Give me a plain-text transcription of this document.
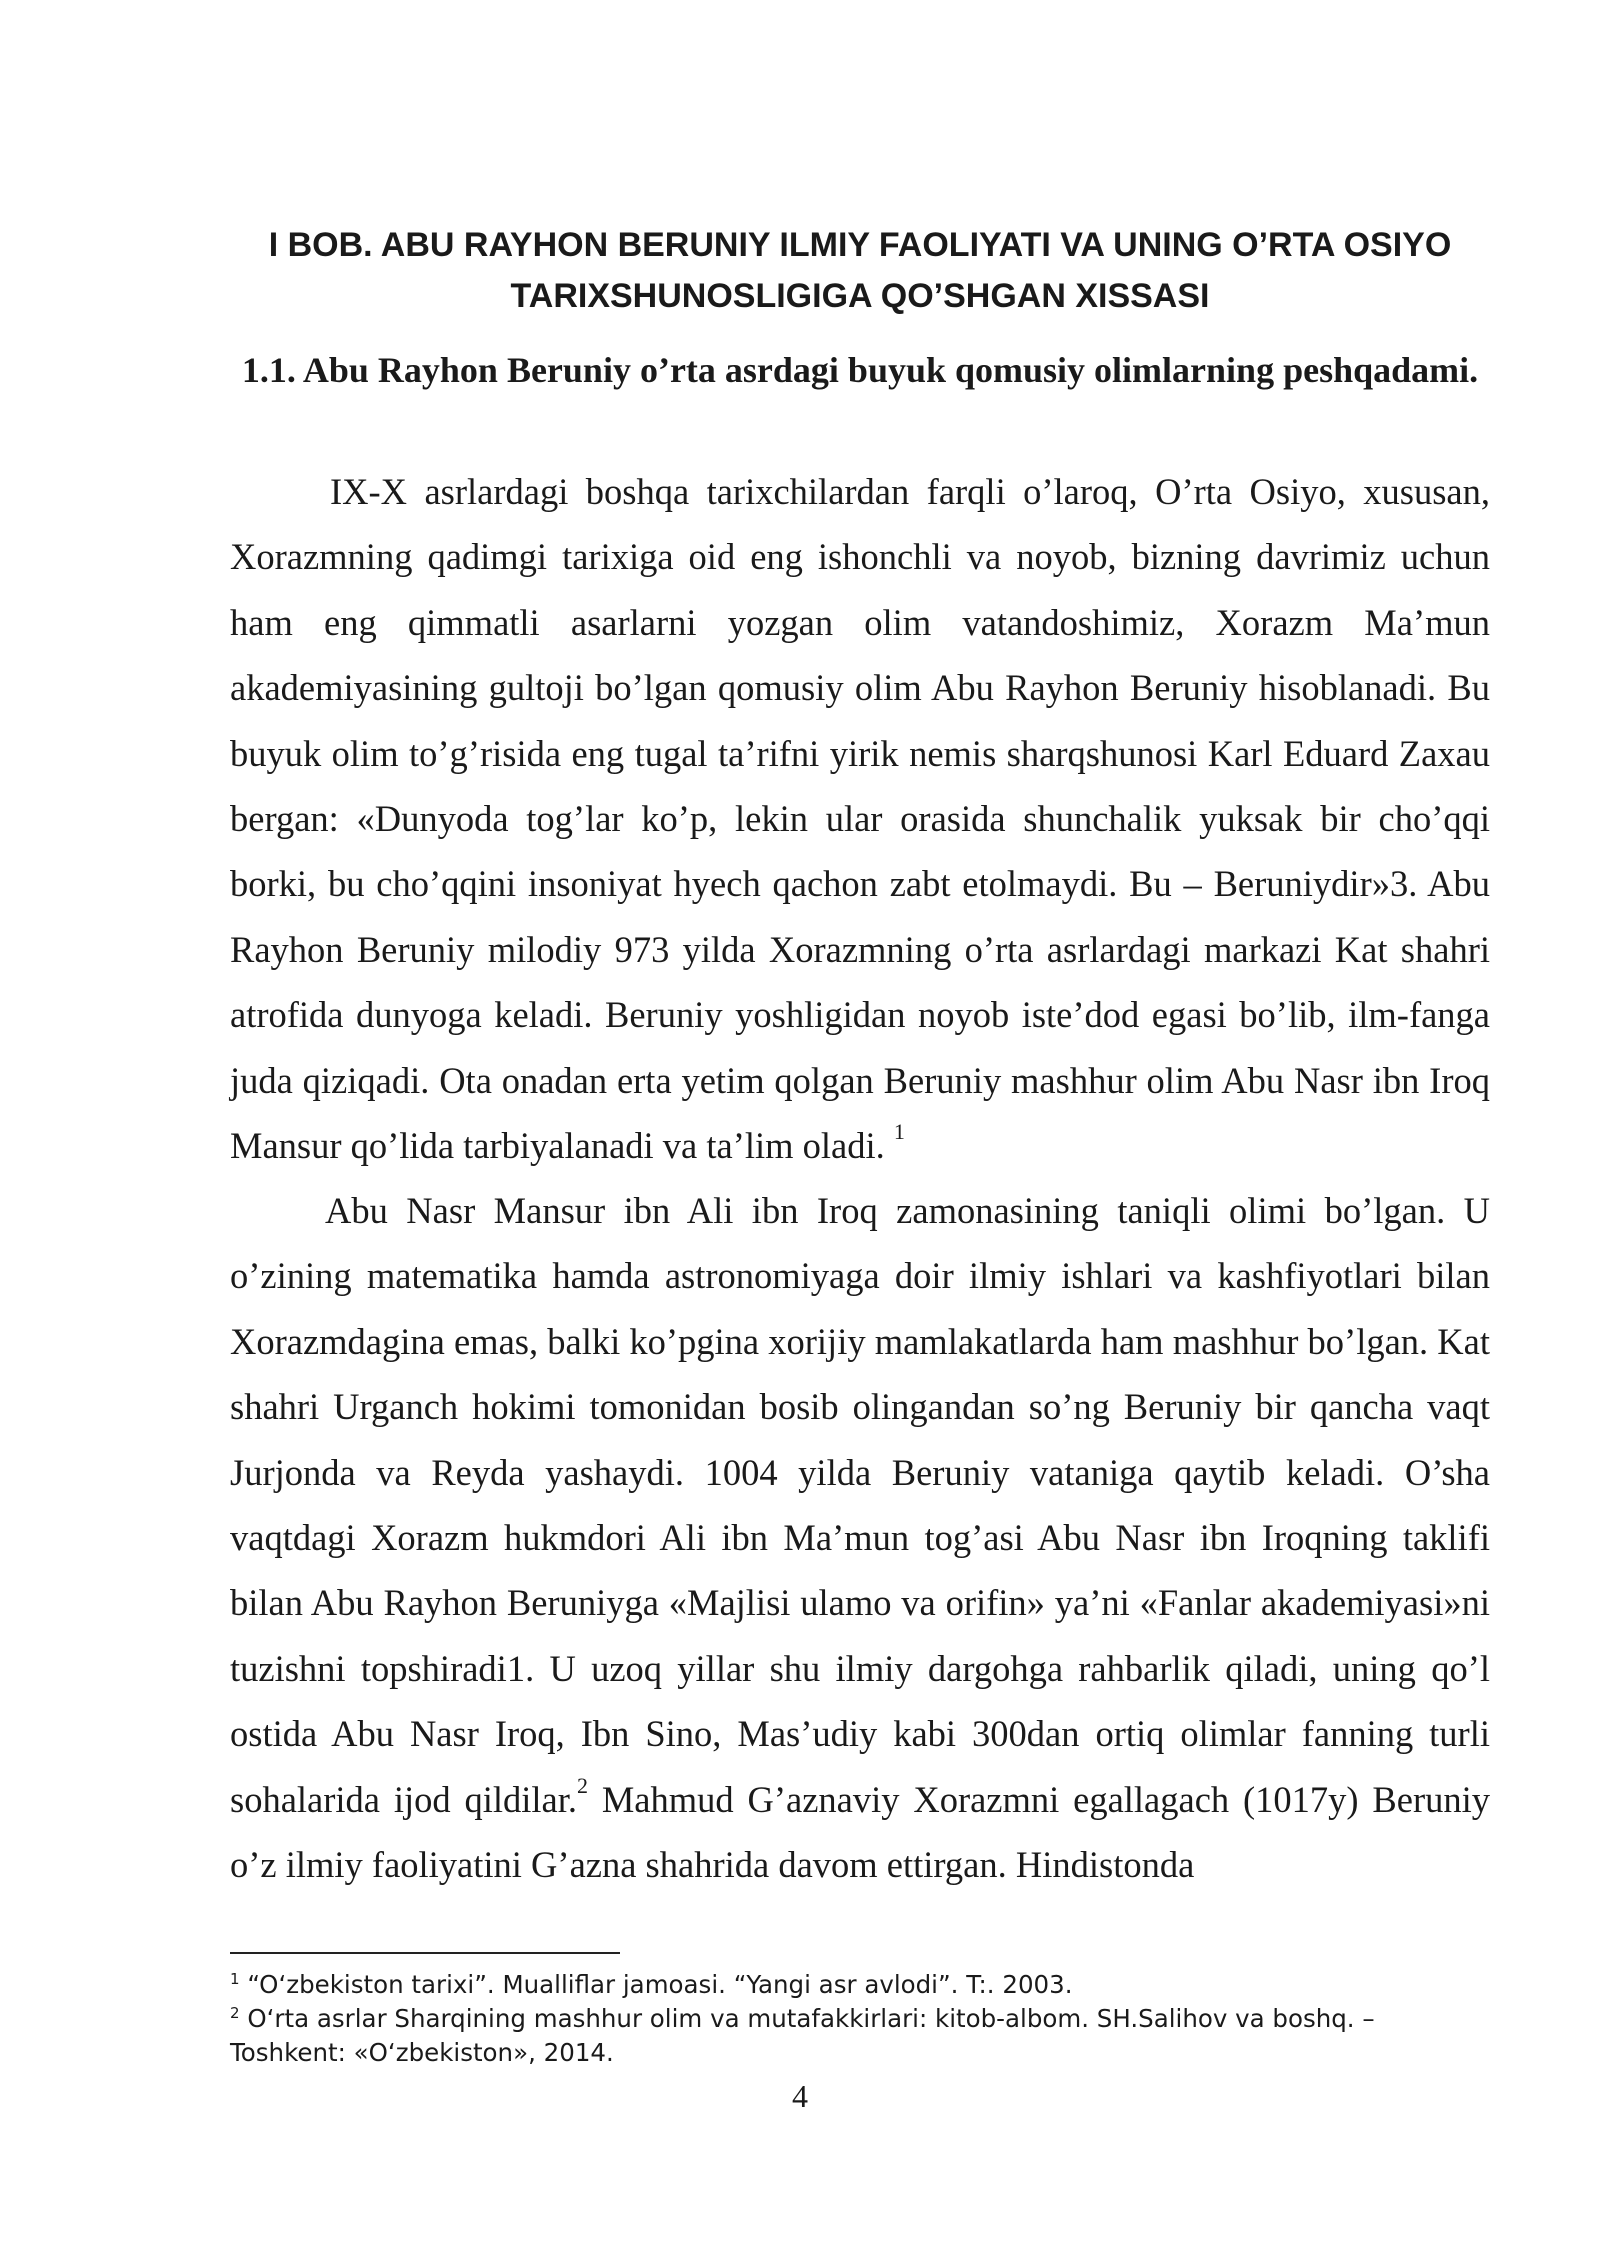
I BOB. ABU RAYHON BERUNIY ILMIY FAOLIYATI VA UNING O’RTA OSIYO TARIXSHUNOSLIGIGA QO’SHGAN XISSASI
1.1. Abu Rayhon Beruniy o’rta asrdagi buyuk qomusiy olimlarning peshqadami.

IX-X asrlardagi boshqa tarixchilardan farqli o’laroq, O’rta Osiyo, xususan, Xorazmning qadimgi tarixiga oid eng ishonchli va noyob, bizning davrimiz uchun ham eng qimmatli asarlarni yozgan olim vatandoshimiz, Xorazm Ma’mun akademiyasining gultoji bo’lgan qomusiy olim Abu Rayhon Beruniy hisoblanadi. Bu buyuk olim to’g’risida eng tugal ta’rifni yirik nemis sharqshunosi Karl Eduard Zaxau bergan: «Dunyoda tog’lar ko’p, lekin ular orasida shunchalik yuksak bir cho’qqi borki, bu cho’qqini insoniyat hyech qachon zabt etolmaydi. Bu – Beruniydir»3. Abu Rayhon Beruniy milodiy 973 yilda Xorazmning o’rta asrlardagi markazi Kat shahri atrofida dunyoga keladi. Beruniy yoshligidan noyob iste’dod egasi bo’lib, ilm-fanga juda qiziqadi. Ota onadan erta yetim qolgan Beruniy mashhur olim Abu Nasr ibn Iroq Mansur qo’lida tarbiyalanadi va ta’lim oladi. $^1$

Abu Nasr Mansur ibn Ali ibn Iroq zamonasining taniqli olimi bo’lgan. U o’zining matematika hamda astronomiyaga doir ilmiy ishlari va kashfiyotlari bilan Xorazmdagina emas, balki ko’pgina xorijiy mamlakatlarda ham mashhur bo’lgan. Kat shahri Urganch hokimi tomonidan bosib olingandan so’ng Beruniy bir qancha vaqt Jurjonda va Reyda yashaydi. 1004 yilda Beruniy vataniga qaytib keladi. O’sha vaqtdagi Xorazm hukmdori Ali ibn Ma’mun tog’asi Abu Nasr ibn Iroqning taklifi bilan Abu Rayhon Beruniyga «Majlisi ulamo va orifin» ya’ni «Fanlar akademiyasi»ni tuzishni topshiradi1. U uzoq yillar shu ilmiy dargohga rahbarlik qiladi, uning qo’l ostida Abu Nasr Iroq, Ibn Sino, Mas’udiy kabi 300dan ortiq olimlar fanning turli sohalarida ijod qildilar.$^2$ Mahmud G’aznaviy Xorazmni egallagach (1017y) Beruniy o’z ilmiy faoliyatini G’azna shahrida davom ettirgan. Hindistonda

$^1$ “O‘zbekiston tarixi”. Mualliflar jamoasi. “Yangi asr avlodi”. T:. 2003.

$^2$ O‘rta asrlar Sharqining mashhur olim va mutafakkirlari: kitob-albom. SH.Salihov va boshq. – Toshkent: «O‘zbekiston», 2014.

4
